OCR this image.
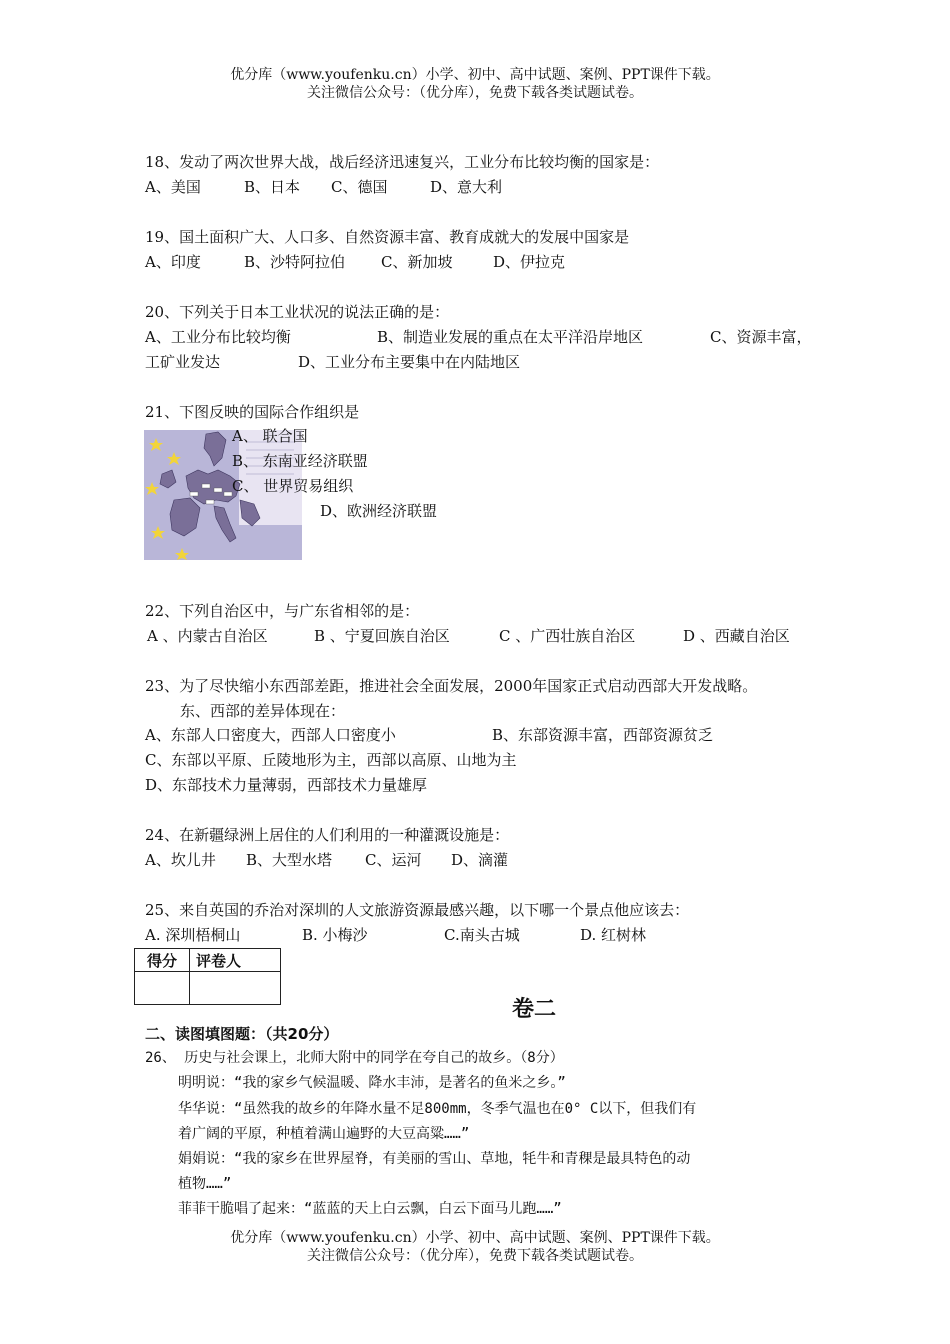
优分库（www.youfenku.cn）小学、初中、高中试题、案例、PPT课件下载。
关注微信公众号：（优分库），免费下载各类试题试卷。
18、发动了两次世界大战，战后经济迅速复兴，工业分布比较均衡的国家是：
A、美国	B、日本 C、德国	D、意大利
19、国土面积广大、人口多、自然资源丰富、教育成就大的发展中国家是
A、印度	B、沙特阿拉伯 C、新加坡	D、伊拉克
20、下列关于日本工业状况的说法正确的是：
A、工业分布比较均衡	B、制造业发展的重点在太平洋沿岸地区	C、资源丰富，
工矿业发达	D、工业分布主要集中在内陆地区
21、下图反映的国际合作组织是
A、 联合国
B、 东南亚经济联盟
C、 世界贸易组织
D、欧洲经济联盟
22、下列自治区中，与广东省相邻的是：
A 、内蒙古自治区	B 、宁夏回族自治区	C 、广西壮族自治区	D 、西藏自治区
23、为了尽快缩小东西部差距，推进社会全面发展，2000年国家正式启动西部大开发战略。
东、西部的差异体现在：
A、东部人口密度大，西部人口密度小	B、东部资源丰富，西部资源贫乏
C、东部以平原、丘陵地形为主，西部以高原、山地为主
D、东部技术力量薄弱，西部技术力量雄厚
24、在新疆绿洲上居住的人们利用的一种灌溉设施是：
A、坎儿井 B、大型水塔 C、运河 D、滴灌
25、来自英国的乔治对深圳的人文旅游资源最感兴趣，以下哪一个景点他应该去：
A. 深圳梧桐山	B. 小梅沙	C.南头古城	D. 红树林
得分	评卷人

卷二
二、读图填图题：（共20分）
26、 历史与社会课上，北师大附中的同学在夸自己的故乡。（8分）
明明说：“我的家乡气候温暖、降水丰沛，是著名的鱼米之乡。”
华华说：“虽然我的故乡的年降水量不足800mm，冬季气温也在0° C以下，但我们有
着广阔的平原，种植着满山遍野的大豆高粱……”
娟娟说：“我的家乡在世界屋脊，有美丽的雪山、草地，牦牛和青稞是最具特色的动
植物……”
菲菲干脆唱了起来：“蓝蓝的天上白云飘，白云下面马儿跑……”
优分库（www.youfenku.cn）小学、初中、高中试题、案例、PPT课件下载。
关注微信公众号：（优分库），免费下载各类试题试卷。
